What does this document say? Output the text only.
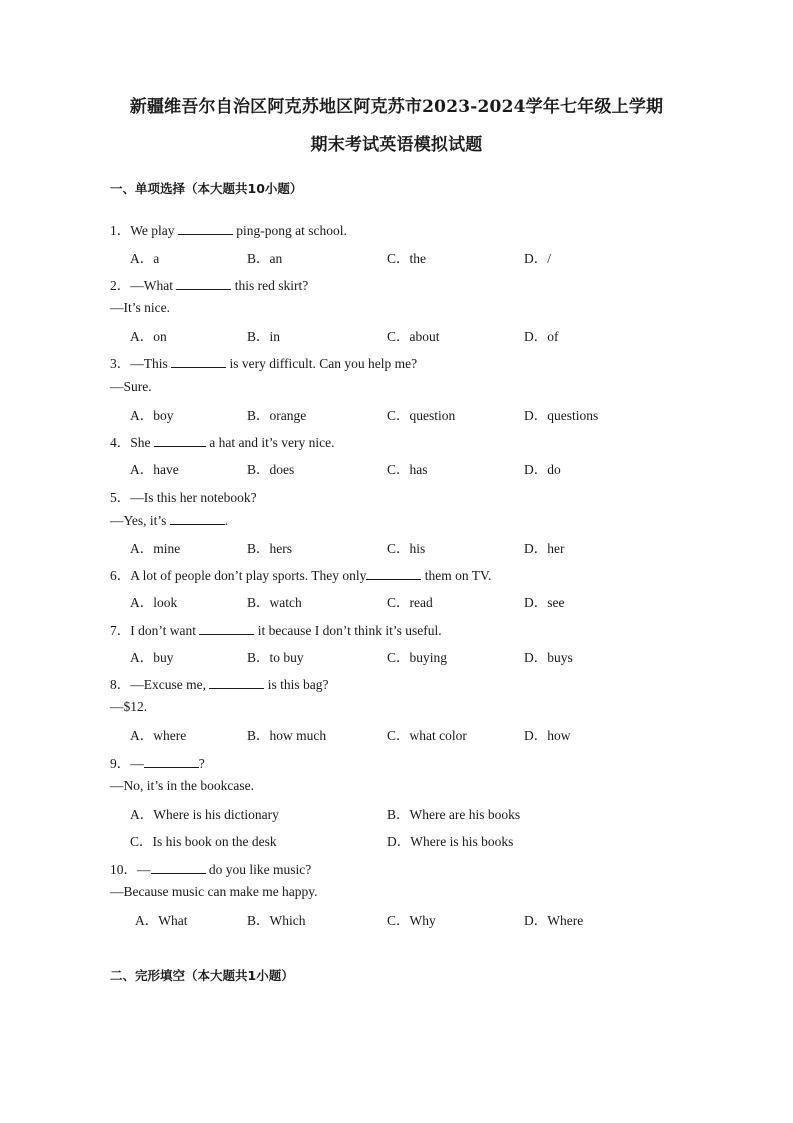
新疆维吾尔自治区阿克苏地区阿克苏市2023-2024学年七年级上学期
期末考试英语模拟试题
一、单项选择（本大题共10小题）
1．We play	ping-pong at school.
A．a	B．an	C．the	D．/
2．—What	this red skirt?
—It’s nice.
A．on	B．in	C．about	D．of
3．—This	is very difficult. Can you help me?
—Sure.
A．boy	B．orange	C．question	D．questions
4．She	a hat and it’s very nice.
A．have	B．does	C．has	D．do
5．—Is this her notebook?
—Yes, it’s	.
A．mine	B．hers	C．his	D．her
6．A lot of people don’t play sports. They only	them on TV.
A．look	B．watch	C．read	D．see
7．I don’t want	it because I don’t think it’s useful.
A．buy	B．to buy	C．buying	D．buys
8．—Excuse me,	is this bag?
—$12.
A．where	B．how much	C．what color	D．how
9．—	?
—No, it’s in the bookcase.
A．Where is his dictionary	B．Where are his books
C．Is his book on the desk	D．Where is his books
10．—	do you like music?
—Because music can make me happy.
A．What	B．Which	C．Why	D．Where
二、完形填空（本大题共1小题）
